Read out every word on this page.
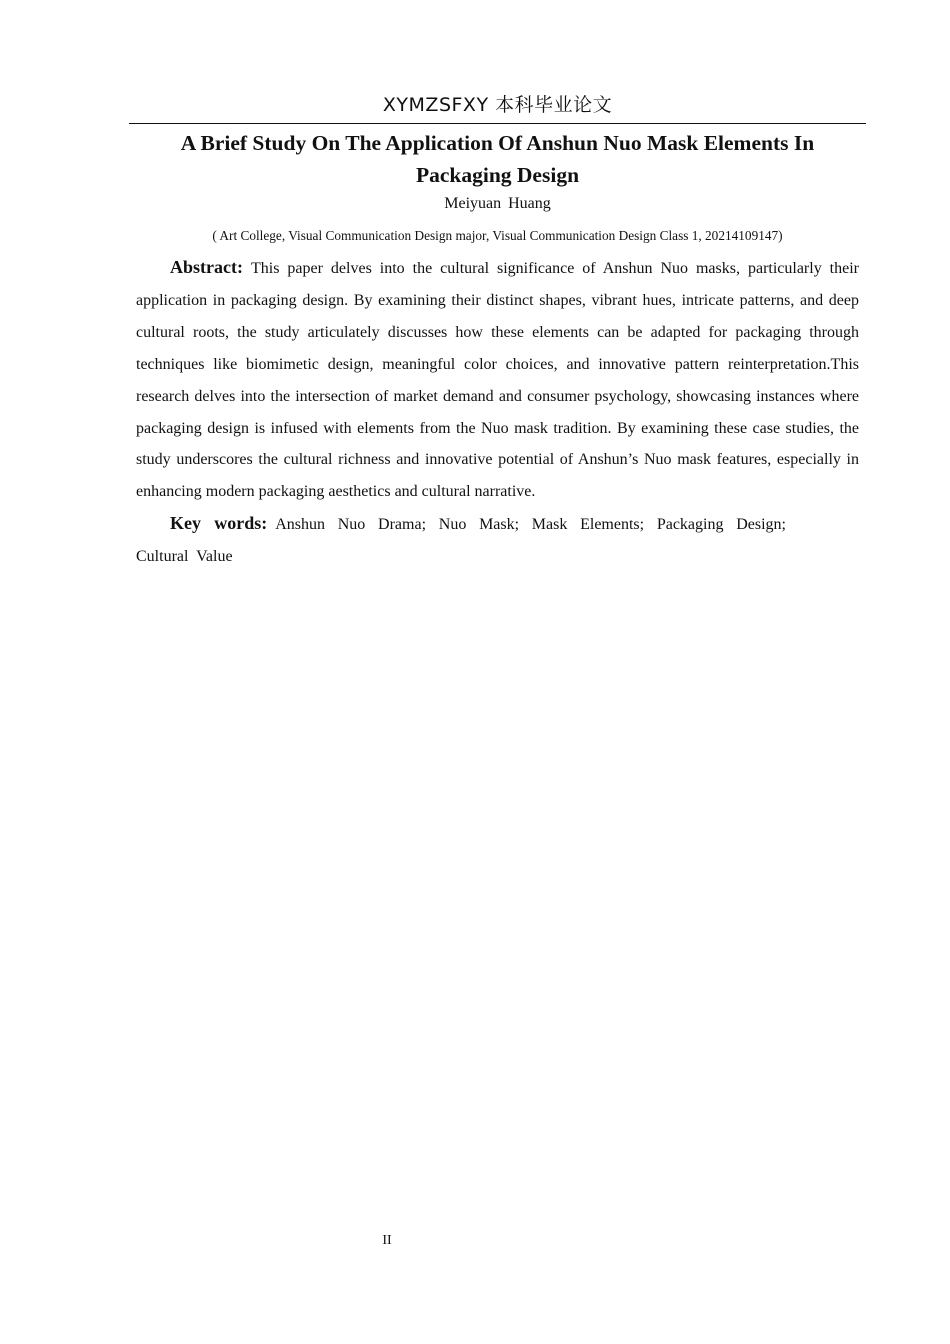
XYMZSFXY 本科毕业论文
A Brief Study On The Application Of Anshun Nuo Mask Elements In Packaging Design
Meiyuan Huang
( Art College, Visual Communication Design major, Visual Communication Design Class 1, 20214109147)

Abstract: This paper delves into the cultural significance of Anshun Nuo masks, particularly their application in packaging design. By examining their distinct shapes, vibrant hues, intricate patterns, and deep cultural roots, the study articulately discusses how these elements can be adapted for packaging through techniques like biomimetic design, meaningful color choices, and innovative pattern reinterpretation.This research delves into the intersection of market demand and consumer psychology, showcasing instances where packaging design is infused with elements from the Nuo mask tradition. By examining these case studies, the study underscores the cultural richness and innovative potential of Anshun’s Nuo mask features, especially in enhancing modern packaging aesthetics and cultural narrative.

Key words: Anshun Nuo Drama; Nuo Mask; Mask Elements; Packaging Design; Cultural Value

II
